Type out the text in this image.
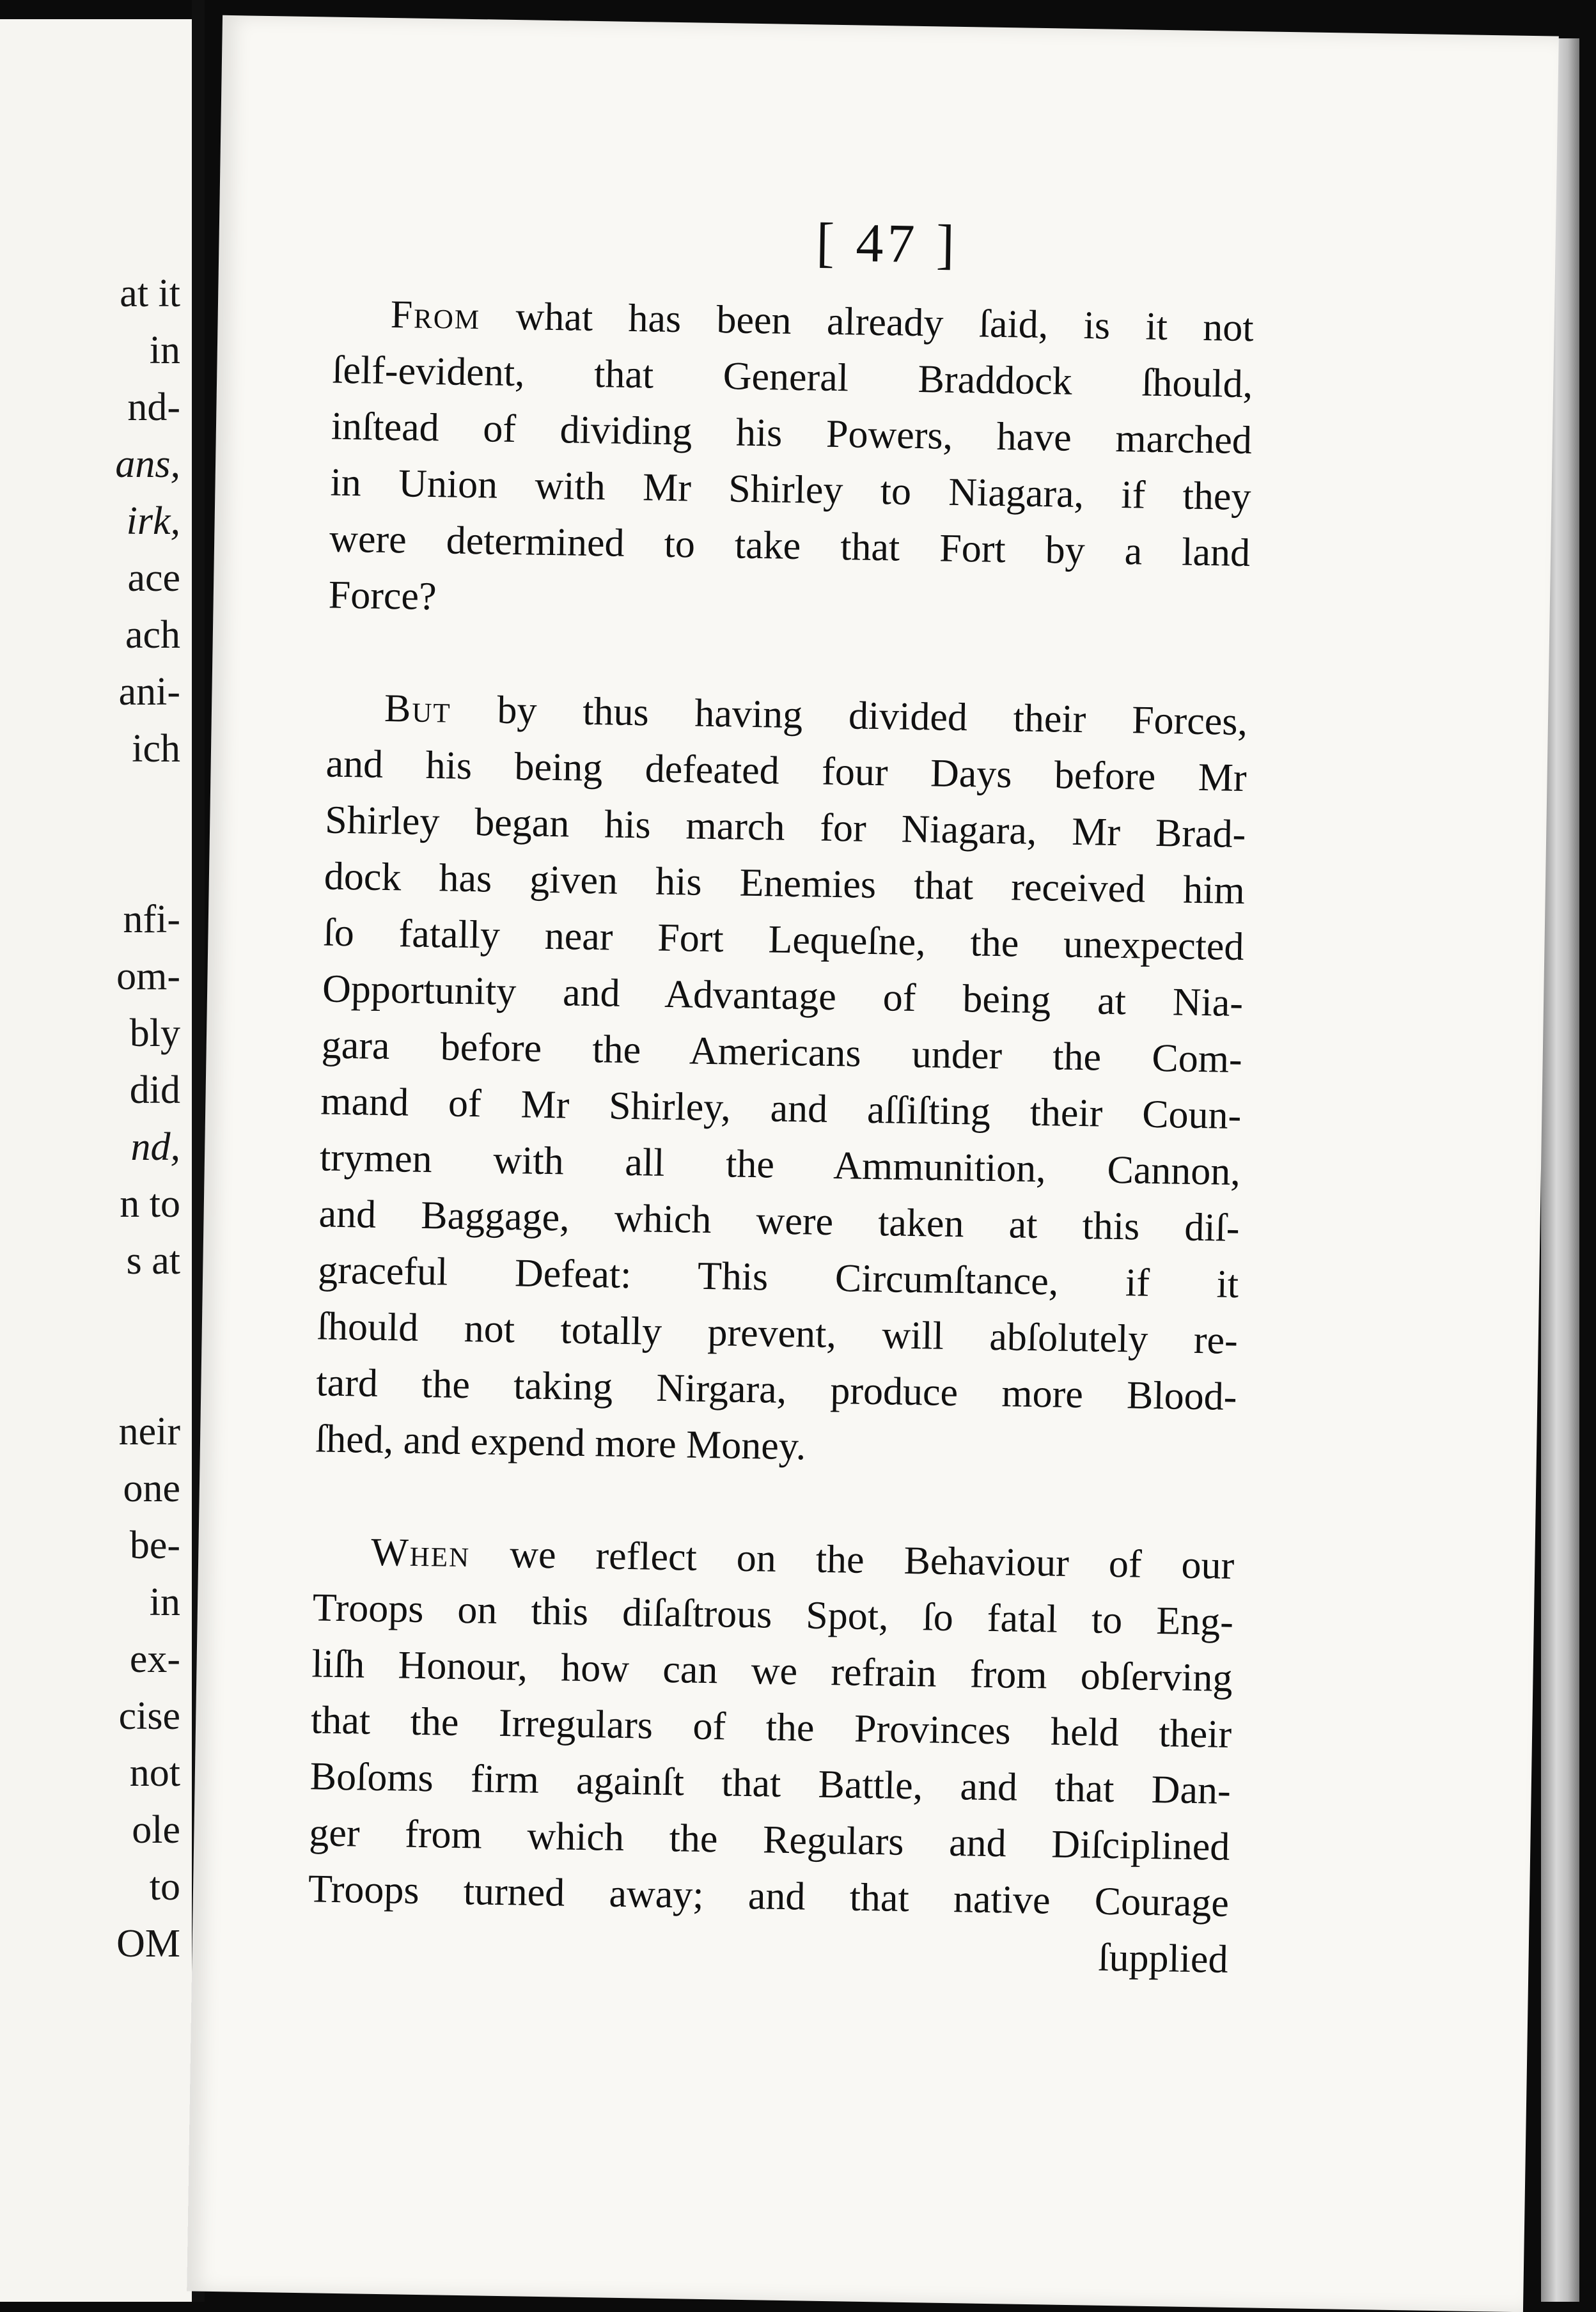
at it
in
nd-
ans,
irk,
ace
ach
ani-
ich
nfi-
om-
bly
did
nd,
n to
s at
neir
one
be-
in
ex-
cise
not
ole
to
OM
[ 47 ]
From what has been already ſaid, is it not
ſelf-evident, that General Braddock ſhould,
inſtead of dividing his Powers, have marched
in Union with Mr Shirley to Niagara, if they
were determined to take that Fort by a land
Force?
But by thus having divided their Forces,
and his being defeated four Days before Mr
Shirley began his march for Niagara, Mr Brad-
dock has given his Enemies that received him
ſo fatally near Fort Lequeſne, the unexpected
Opportunity and Advantage of being at Nia-
gara before the Americans under the Com-
mand of Mr Shirley, and aſſiſting their Coun-
trymen with all the Ammunition, Cannon,
and Baggage, which were taken at this diſ-
graceful Defeat: This Circumſtance, if it
ſhould not totally prevent, will abſolutely re-
tard the taking Nirgara, produce more Blood-
ſhed, and expend more Money.
When we reflect on the Behaviour of our
Troops on this diſaſtrous Spot, ſo fatal to Eng-
liſh Honour, how can we refrain from obſerving
that the Irregulars of the Provinces held their
Boſoms firm againſt that Battle, and that Dan-
ger from which the Regulars and Diſciplined
Troops turned away; and that native Courage
ſupplied
